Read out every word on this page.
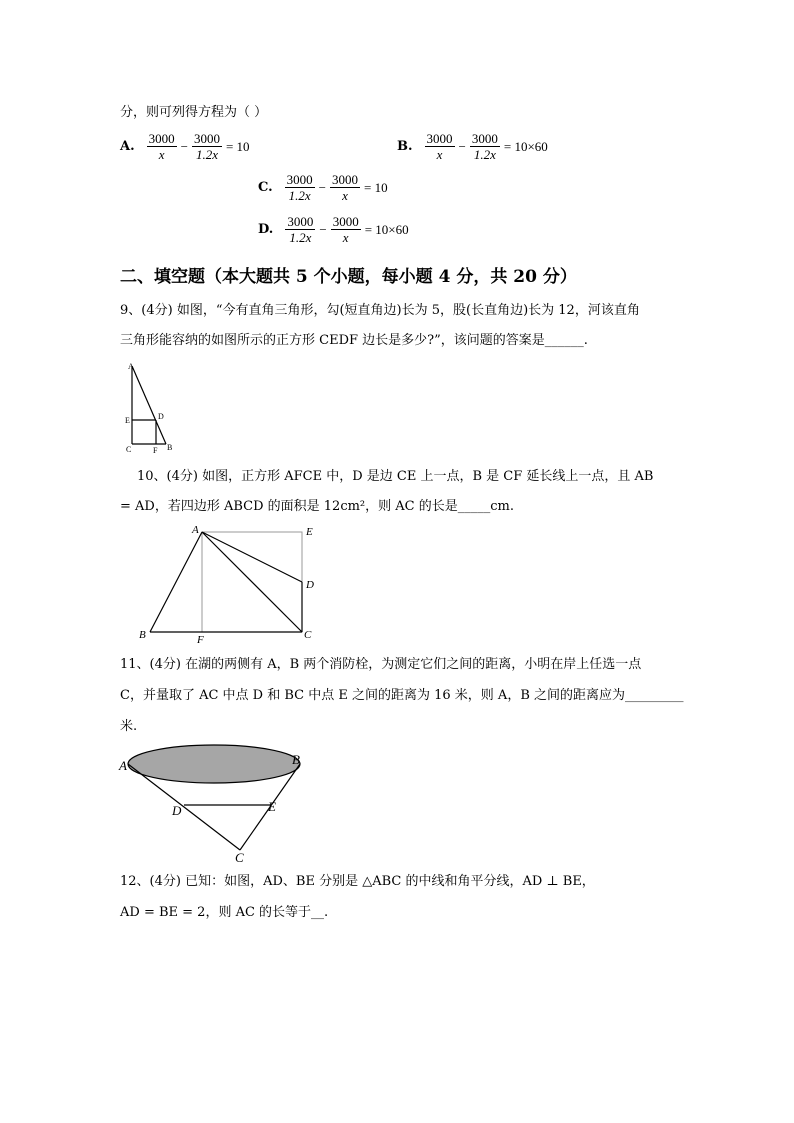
分，则可列得方程为（ ）
A. $\frac{3000}{x} - \frac{3000}{1.2x} = 10$	B. $\frac{3000}{x} - \frac{3000}{1.2x} = 10\times 60$
C. $\frac{3000}{1.2x} - \frac{3000}{x} = 10$
D. $\frac{3000}{1.2x} - \frac{3000}{x} = 10\times 60$
二、填空题（本大题共 5 个小题，每小题 4 分，共 20 分）
9、(4分) 如图，“今有直角三角形，勾(短直角边)长为 5，股(长直角边)长为 12，河该直角
三角形能容纳的如图所示的正方形 CEDF 边长是多少?”，该问题的答案是______.
A
E	D
C	F B
10、(4分) 如图，正方形 AFCE 中，D 是边 CE 上一点，B 是 CF 延长线上一点，且 AB
= AD，若四边形 ABCD 的面积是 12cm²，则 AC 的长是_____cm.
A	E
D
B	F	C
11、(4分) 在湖的两侧有 A，B 两个消防栓，为测定它们之间的距离，小明在岸上任选一点
C，并量取了 AC 中点 D 和 BC 中点 E 之间的距离为 16 米，则 A，B 之间的距离应为_________
米.
A	B
D	E
C
12、(4分) 已知：如图，AD、BE 分别是 △ABC 的中线和角平分线，AD ⊥ BE，
AD = BE = 2，则 AC 的长等于__.
